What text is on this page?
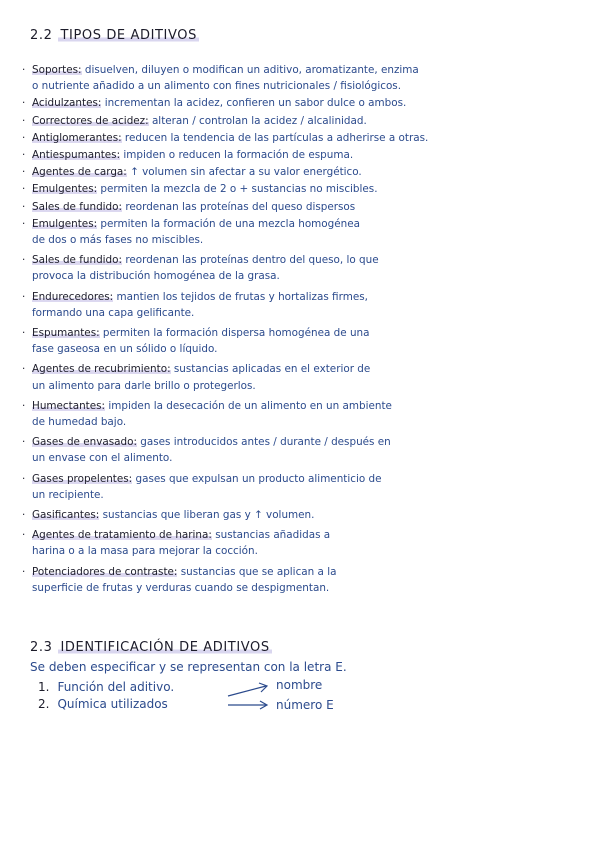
2.2 TIPOS DE ADITIVOS
· Soportes: disuelven, diluyen o modifican un aditivo, aromatizante, enzima
o nutriente añadido a un alimento con fines nutricionales / fisiológicos.
· Acidulzantes: incrementan la acidez, confieren un sabor dulce o ambos.
· Correctores de acidez: alteran / controlan la acidez / alcalinidad.
· Antiglomerantes: reducen la tendencia de las partículas a adherirse a otras.
· Antiespumantes: impiden o reducen la formación de espuma.
· Agentes de carga: ↑ volumen sin afectar a su valor energético.
· Emulgentes: permiten la mezcla de 2 o + sustancias no miscibles.
· Sales de fundido: reordenan las proteínas del queso dispersos
· Emulgentes: permiten la formación de una mezcla homogénea
de dos o más fases no miscibles.
· Sales de fundido: reordenan las proteínas dentro del queso, lo que
provoca la distribución homogénea de la grasa.
· Endurecedores: mantien los tejidos de frutas y hortalizas firmes,
formando una capa gelificante.
· Espumantes: permiten la formación dispersa homogénea de una
fase gaseosa en un sólido o líquido.
· Agentes de recubrimiento: sustancias aplicadas en el exterior de
un alimento para darle brillo o protegerlos.
· Humectantes: impiden la desecación de un alimento en un ambiente
de humedad bajo.
· Gases de envasado: gases introducidos antes / durante / después en
un envase con el alimento.
· Gases propelentes: gases que expulsan un producto alimenticio de
un recipiente.
· Gasificantes: sustancias que liberan gas y ↑ volumen.
· Agentes de tratamiento de harina: sustancias añadidas a
harina o a la masa para mejorar la cocción.
· Potenciadores de contraste: sustancias que se aplican a la
superficie de frutas y verduras cuando se despigmentan.
2.3 IDENTIFICACIÓN DE ADITIVOS
Se deben especificar y se representan con la letra E.
1. Función del aditivo.	nombre
2. Química utilizados	número E
